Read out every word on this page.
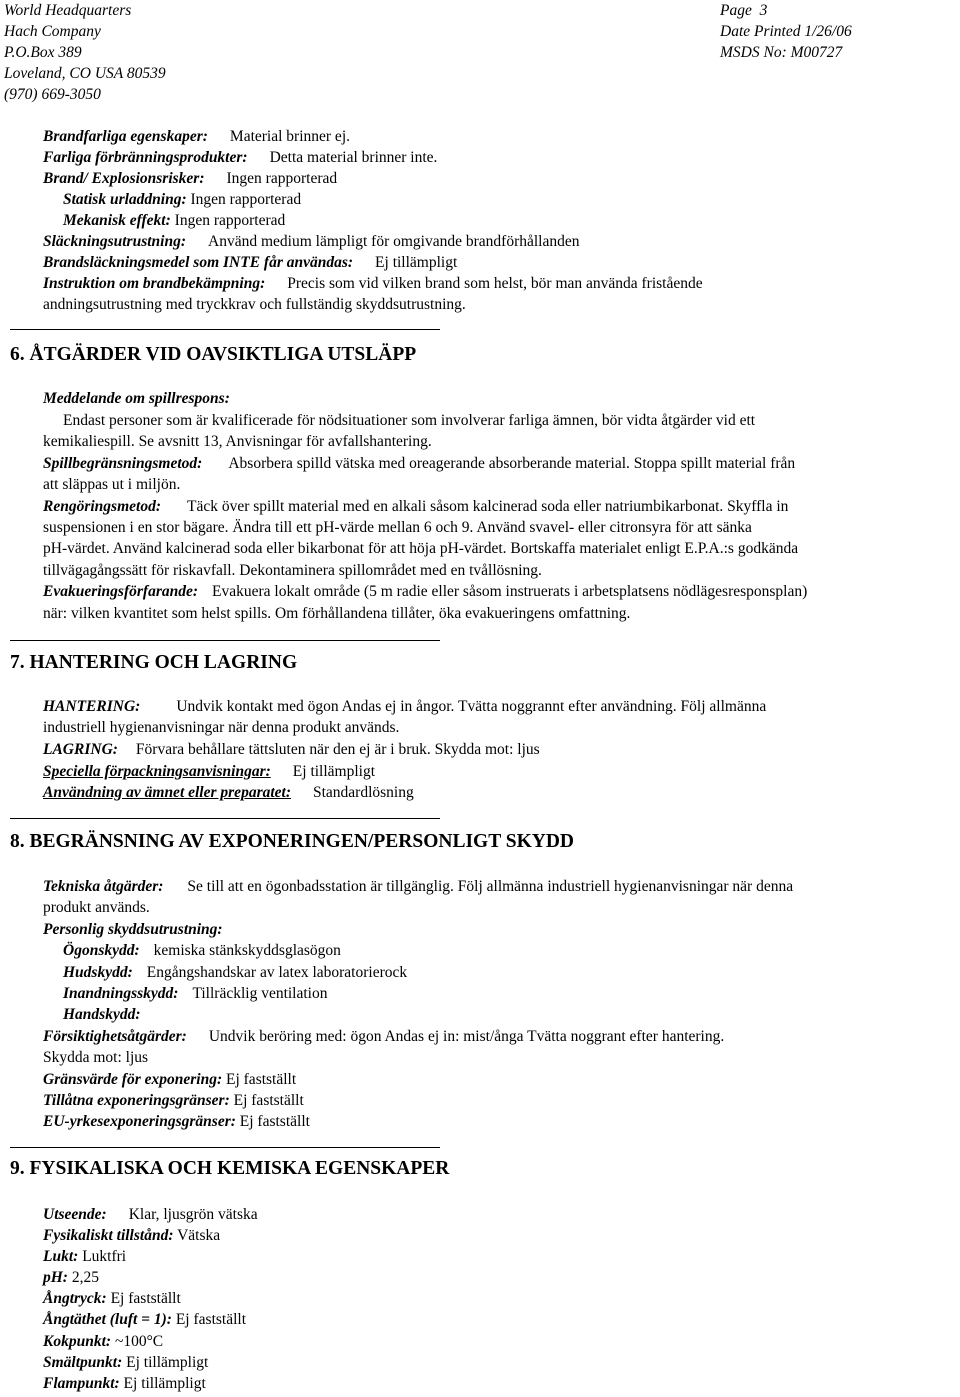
World Headquarters
Hach Company
P.O.Box 389
Loveland, CO USA 80539
(970) 669-3050
Page 3
Date Printed 1/26/06
MSDS No: M00727
Brandfarliga egenskaper: Material brinner ej.
Farliga förbränningsprodukter: Detta material brinner inte.
Brand/ Explosionsrisker: Ingen rapporterad
Statisk urladdning: Ingen rapporterad
Mekanisk effekt: Ingen rapporterad
Släckningsutrustning: Använd medium lämpligt för omgivande brandförhållanden
Brandsläckningsmedel som INTE får användas: Ej tillämpligt
Instruktion om brandbekämpning: Precis som vid vilken brand som helst, bör man använda fristående
andningsutrustning med tryckkrav och fullständig skyddsutrustning.
6. ÅTGÄRDER VID OAVSIKTLIGA UTSLÄPP
Meddelande om spillrespons:
Endast personer som är kvalificerade för nödsituationer som involverar farliga ämnen, bör vidta åtgärder vid ett
kemikaliespill. Se avsnitt 13, Anvisningar för avfallshantering.
Spillbegränsningsmetod: Absorbera spilld vätska med oreagerande absorberande material. Stoppa spillt material från
att släppas ut i miljön.
Rengöringsmetod: Täck över spillt material med en alkali såsom kalcinerad soda eller natriumbikarbonat. Skyffla in
suspensionen i en stor bägare. Ändra till ett pH-värde mellan 6 och 9. Använd svavel- eller citronsyra för att sänka
pH-värdet. Använd kalcinerad soda eller bikarbonat för att höja pH-värdet. Bortskaffa materialet enligt E.P.A.:s godkända
tillvägagångssätt för riskavfall. Dekontaminera spillområdet med en tvållösning.
Evakueringsförfarande: Evakuera lokalt område (5 m radie eller såsom instruerats i arbetsplatsens nödlägesresponsplan)
när: vilken kvantitet som helst spills. Om förhållandena tillåter, öka evakueringens omfattning.
7. HANTERING OCH LAGRING
HANTERING: Undvik kontakt med ögon Andas ej in ångor. Tvätta noggrannt efter användning. Följ allmänna
industriell hygienanvisningar när denna produkt används.
LAGRING: Förvara behållare tättsluten när den ej är i bruk. Skydda mot: ljus
Speciella förpackningsanvisningar: Ej tillämpligt
Användning av ämnet eller preparatet: Standardlösning
8. BEGRÄNSNING AV EXPONERINGEN/PERSONLIGT SKYDD
Tekniska åtgärder: Se till att en ögonbadsstation är tillgänglig. Följ allmänna industriell hygienanvisningar när denna
produkt används.
Personlig skyddsutrustning:
Ögonskydd: kemiska stänkskyddsglasögon
Hudskydd: Engångshandskar av latex laboratorierock
Inandningsskydd: Tillräcklig ventilation
Handskydd:
Försiktighetsåtgärder: Undvik beröring med: ögon Andas ej in: mist/ånga Tvätta noggrant efter hantering.
Skydda mot: ljus
Gränsvärde för exponering: Ej fastställt
Tillåtna exponeringsgränser: Ej fastställt
EU-yrkesexponeringsgränser: Ej fastställt
9. FYSIKALISKA OCH KEMISKA EGENSKAPER
Utseende: Klar, ljusgrön vätska
Fysikaliskt tillstånd: Vätska
Lukt: Luktfri
pH: 2,25
Ångtryck: Ej fastställt
Ångtäthet (luft = 1): Ej fastställt
Kokpunkt: ~100°C
Smältpunkt: Ej tillämpligt
Flampunkt: Ej tillämpligt
